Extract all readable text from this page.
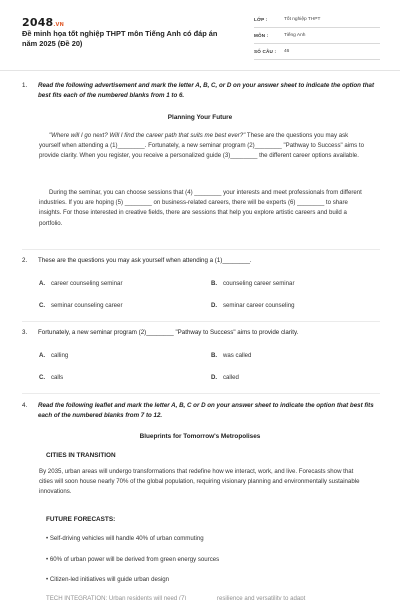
2048.VN
Đề minh họa tốt nghiệp THPT môn Tiếng Anh có đáp án năm 2025 (Đề 20)
LỚP :	Tốt nghiệp THPT
MÔN :	Tiếng Anh
SỐ CÂU : 46
1.	Read the following advertisement and mark the letter A, B, C, or D on your answer sheet to indicate the option that best fits each of the numbered blanks from 1 to 6.
Planning Your Future
"Where will I go next? Will I find the career path that suits me best ever?" These are the questions you may ask yourself when attending a (1)________. Fortunately, a new seminar program (2)________ "Pathway to Success" aims to provide clarity. When you register, you receive a personalized guide (3)________ the different career options available.
During the seminar, you can choose sessions that (4) ________ your interests and meet professionals from different industries. If you are hoping (5) ________ on business-related careers, there will be experts (6) ________ to share insights. For those interested in creative fields, there are sessions that help you explore artistic careers and build a portfolio.
2.	These are the questions you may ask yourself when attending a (1)________.
A. career counseling seminar	B. counseling career seminar
C. seminar counseling career	D. seminar career counseling
3.	Fortunately, a new seminar program (2)________ "Pathway to Success" aims to provide clarity.
A. calling	B. was called
C. calls	D. called
4.	Read the following leaflet and mark the letter A, B, C or D on your answer sheet to indicate the option that best fits each of the numbered blanks from 7 to 12.
Blueprints for Tomorrow's Metropolises
CITIES IN TRANSITION
By 2035, urban areas will undergo transformations that redefine how we interact, work, and live. Forecasts show that cities will soon house nearly 70% of the global population, requiring visionary planning and environmentally sustainable innovations.
FUTURE FORECASTS:
• Self-driving vehicles will handle 40% of urban commuting
• 60% of urban power will be derived from green energy sources
• Citizen-led initiatives will guide urban design
TECH INTEGRATION: Urban residents will need (7) ________ resilience and versatility to adapt
